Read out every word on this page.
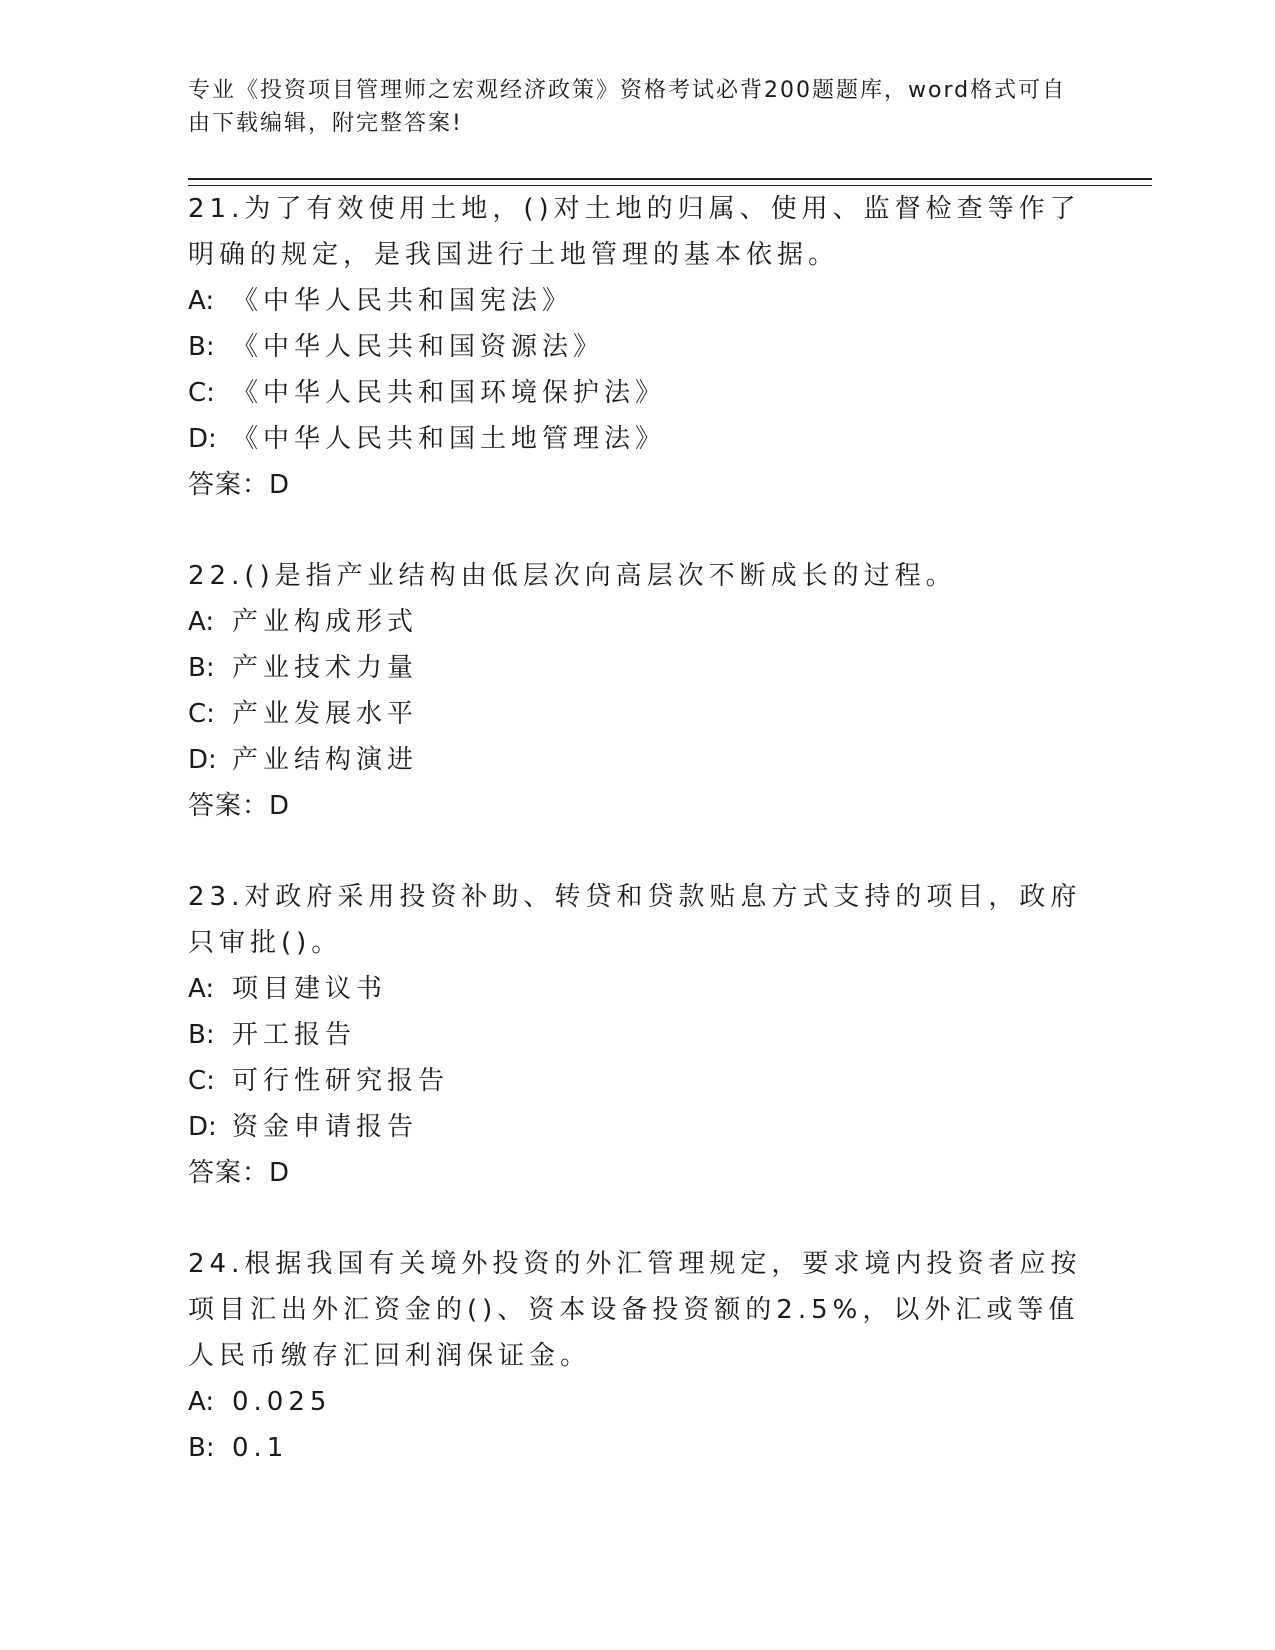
专业《投资项目管理师之宏观经济政策》资格考试必背200题题库，word格式可自由下载编辑，附完整答案!

21.为了有效使用土地，()对土地的归属、使用、监督检查等作了明确的规定，是我国进行土地管理的基本依据。

A: 《中华人民共和国宪法》
B: 《中华人民共和国资源法》
C: 《中华人民共和国环境保护法》
D: 《中华人民共和国土地管理法》
答案：D

22.()是指产业结构由低层次向高层次不断成长的过程。

A: 产业构成形式
B: 产业技术力量
C: 产业发展水平
D: 产业结构演进
答案：D

23.对政府采用投资补助、转贷和贷款贴息方式支持的项目，政府只审批()。

A: 项目建议书
B: 开工报告
C: 可行性研究报告
D: 资金申请报告
答案：D

24.根据我国有关境外投资的外汇管理规定，要求境内投资者应按项目汇出外汇资金的()、资本设备投资额的2.5%，以外汇或等值人民币缴存汇回利润保证金。

A: 0.025
B: 0.1
